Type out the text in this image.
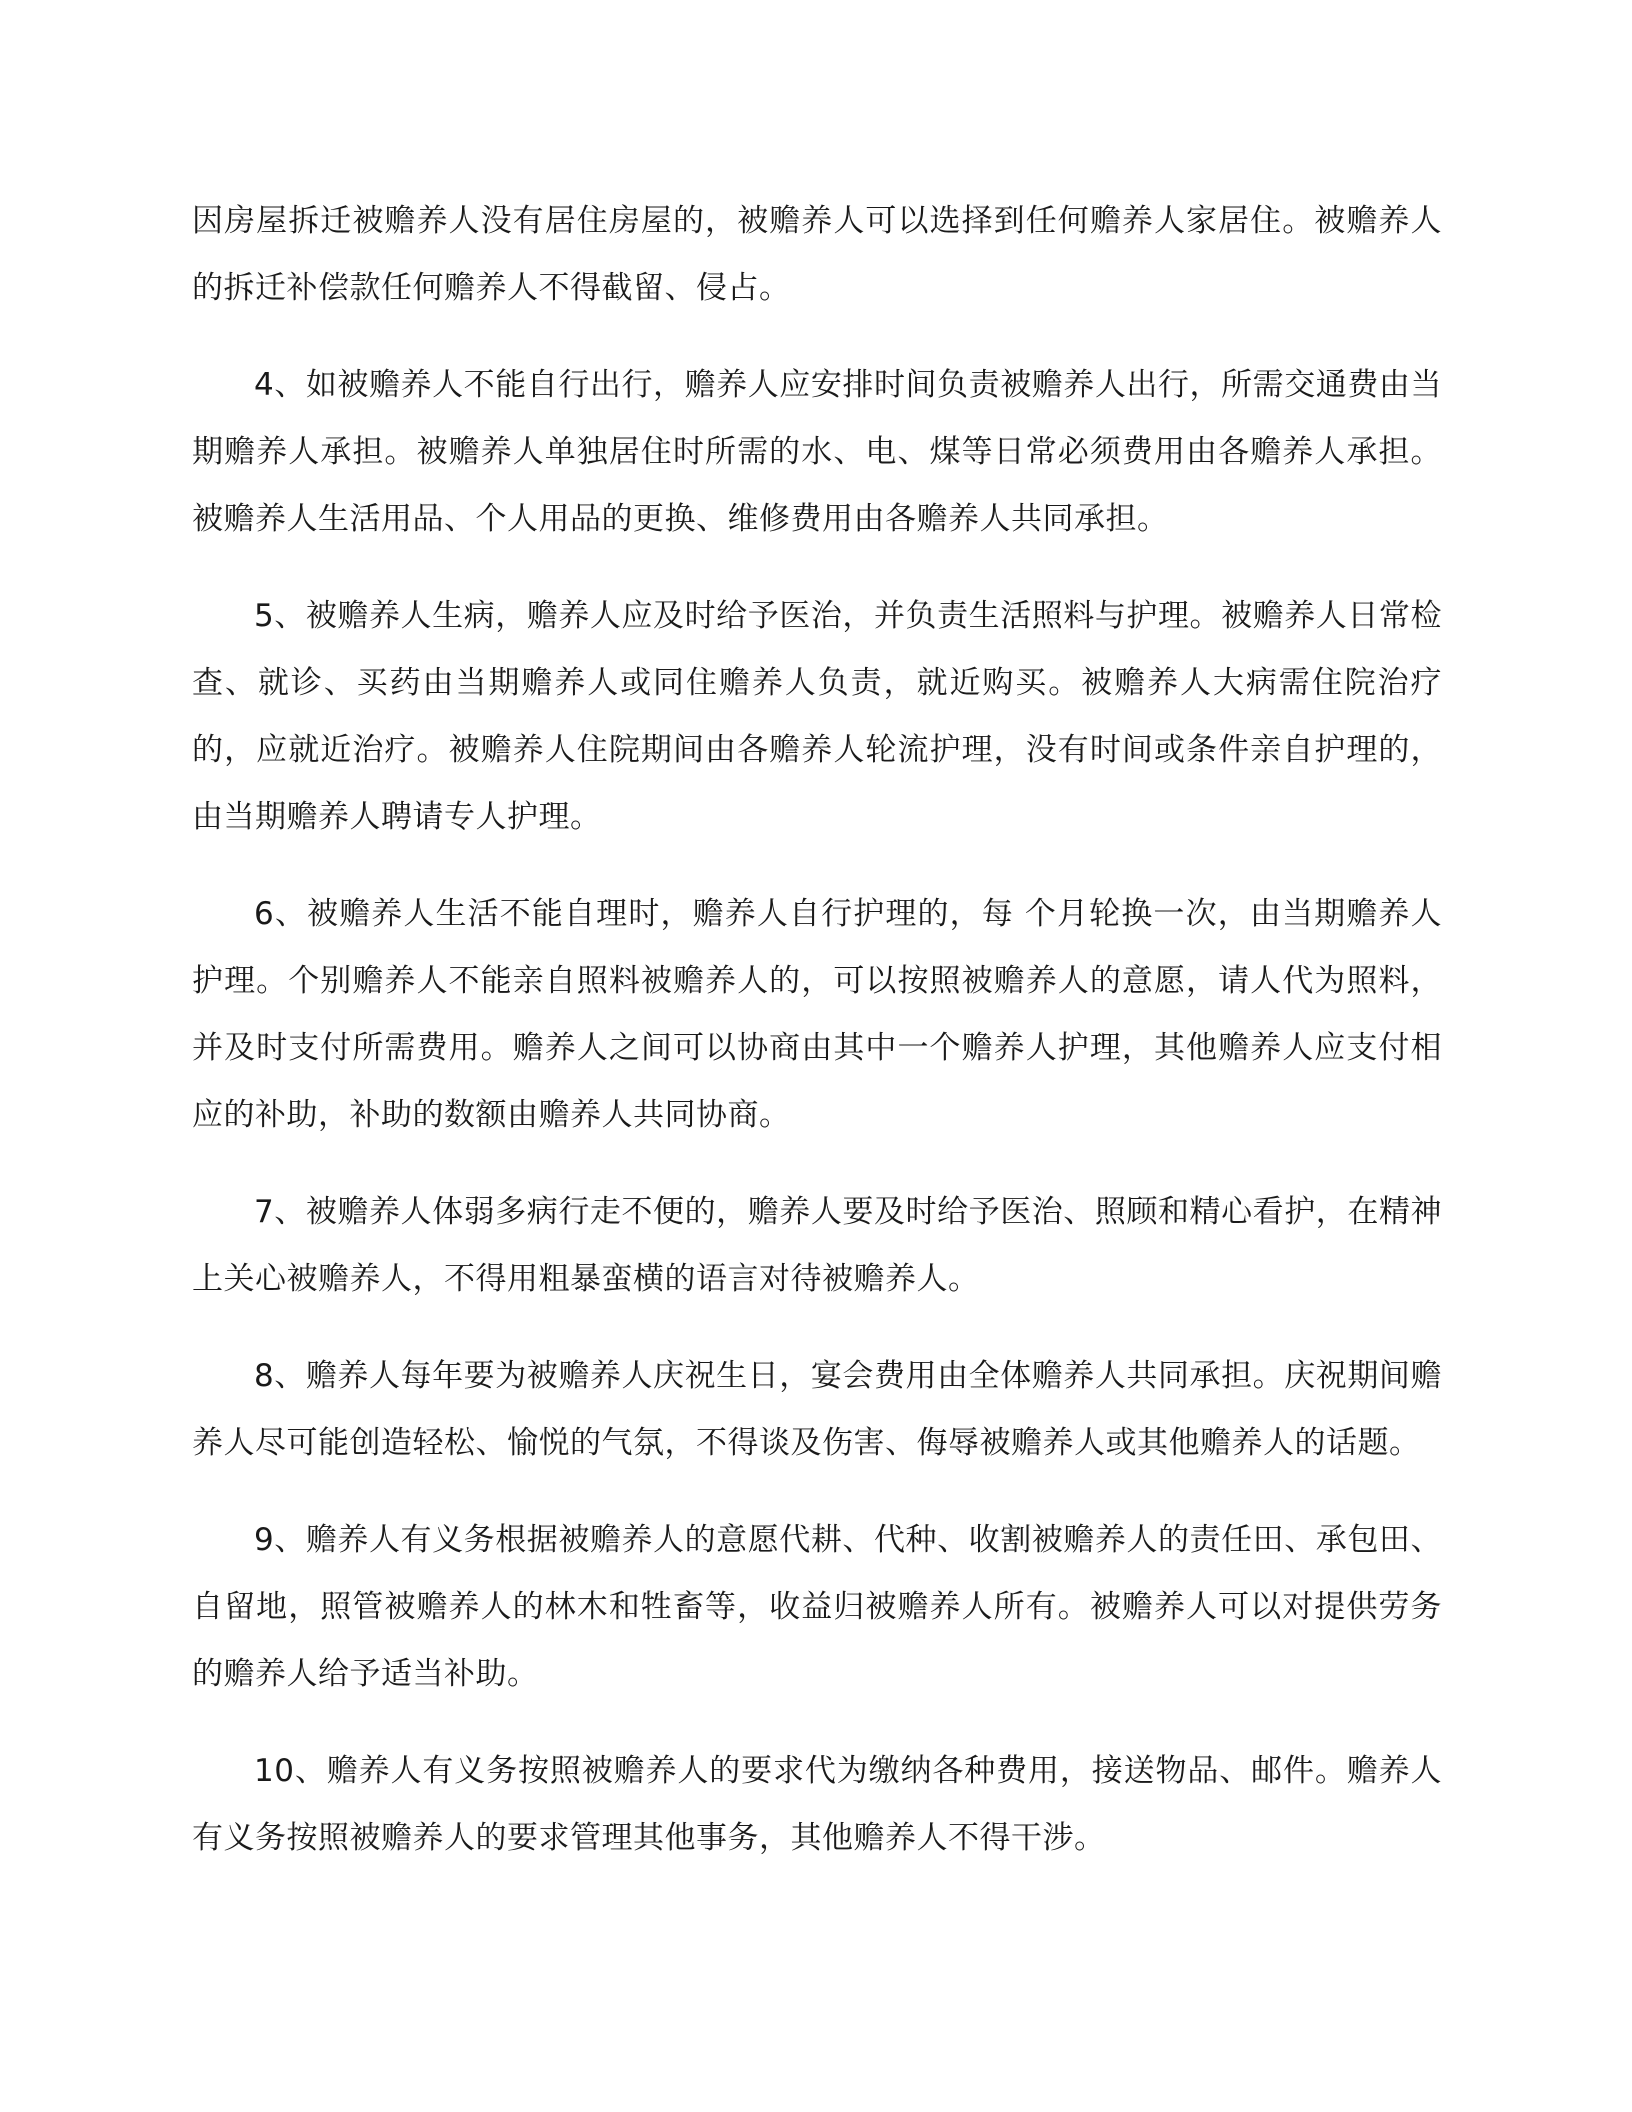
因房屋拆迁被赡养人没有居住房屋的，被赡养人可以选择到任何赡养人家居住。被赡养人的拆迁补偿款任何赡养人不得截留、侵占。

4、如被赡养人不能自行出行，赡养人应安排时间负责被赡养人出行，所需交通费由当期赡养人承担。被赡养人单独居住时所需的水、电、煤等日常必须费用由各赡养人承担。被赡养人生活用品、个人用品的更换、维修费用由各赡养人共同承担。

5、被赡养人生病，赡养人应及时给予医治，并负责生活照料与护理。被赡养人日常检查、就诊、买药由当期赡养人或同住赡养人负责，就近购买。被赡养人大病需住院治疗的，应就近治疗。被赡养人住院期间由各赡养人轮流护理，没有时间或条件亲自护理的，由当期赡养人聘请专人护理。

6、被赡养人生活不能自理时，赡养人自行护理的，每 个月轮换一次，由当期赡养人护理。个别赡养人不能亲自照料被赡养人的，可以按照被赡养人的意愿，请人代为照料，并及时支付所需费用。赡养人之间可以协商由其中一个赡养人护理，其他赡养人应支付相应的补助，补助的数额由赡养人共同协商。

7、被赡养人体弱多病行走不便的，赡养人要及时给予医治、照顾和精心看护，在精神上关心被赡养人，不得用粗暴蛮横的语言对待被赡养人。

8、赡养人每年要为被赡养人庆祝生日，宴会费用由全体赡养人共同承担。庆祝期间赡养人尽可能创造轻松、愉悦的气氛，不得谈及伤害、侮辱被赡养人或其他赡养人的话题。

9、赡养人有义务根据被赡养人的意愿代耕、代种、收割被赡养人的责任田、承包田、自留地，照管被赡养人的林木和牲畜等，收益归被赡养人所有。被赡养人可以对提供劳务的赡养人给予适当补助。

10、赡养人有义务按照被赡养人的要求代为缴纳各种费用，接送物品、邮件。赡养人有义务按照被赡养人的要求管理其他事务，其他赡养人不得干涉。
